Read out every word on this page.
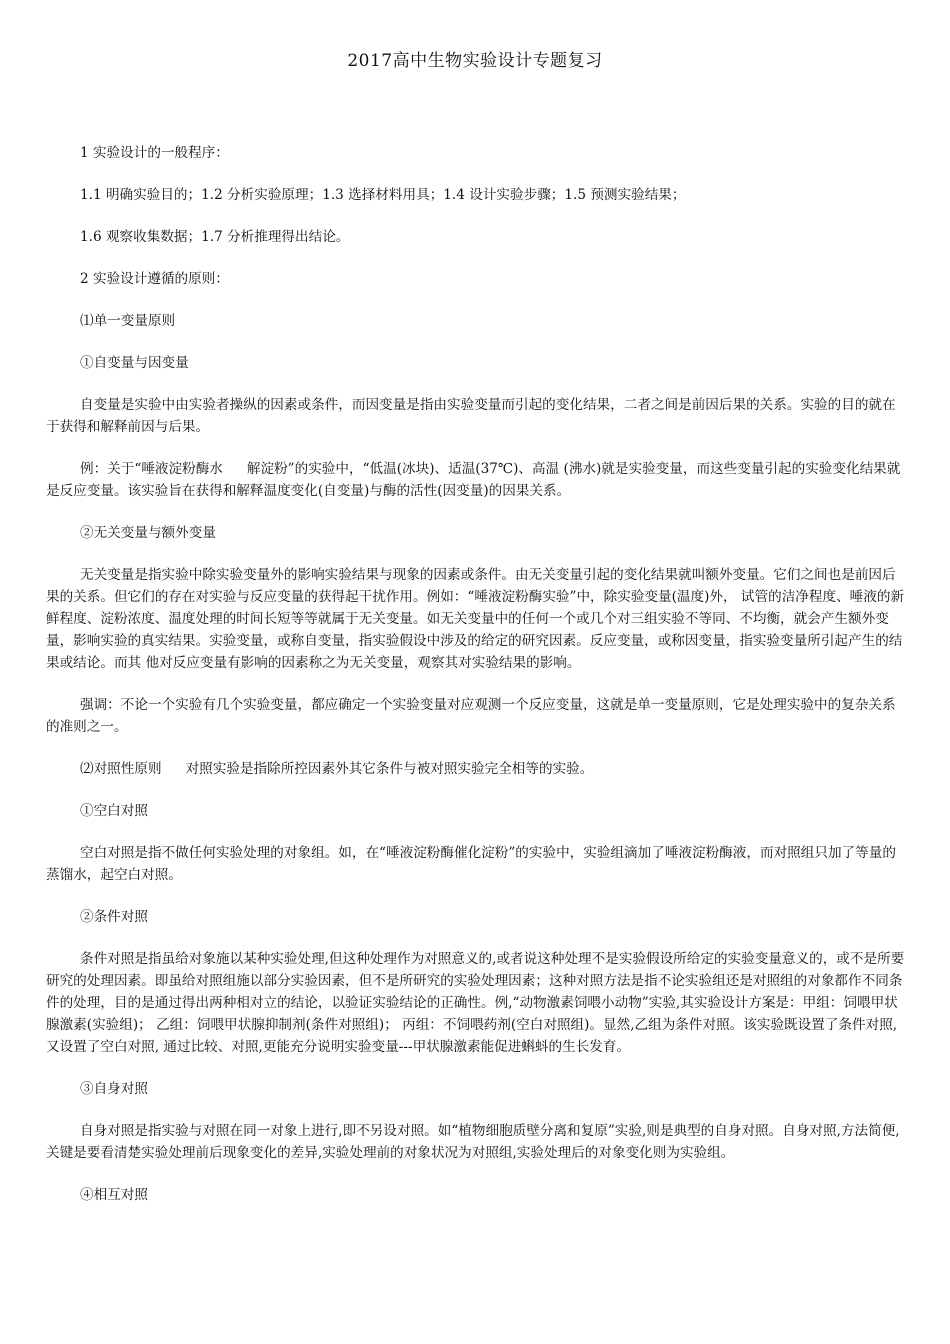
2017高中生物实验设计专题复习

1 实验设计的一般程序：

1.1 明确实验目的；1.2 分析实验原理；1.3 选择材料用具；1.4 设计实验步骤；1.5 预测实验结果；

1.6 观察收集数据；1.7 分析推理得出结论。

2 实验设计遵循的原则：

⑴单一变量原则

①自变量与因变量

自变量是实验中由实验者操纵的因素或条件，而因变量是指由实验变量而引起的变化结果，二者之间是前因后果的关系。实验的目的就在于获得和解释前因与后果。

例：关于“唾液淀粉酶水 解淀粉”的实验中，“低温(冰块)、适温(37℃)、高温 (沸水)就是实验变量，而这些变量引起的实验变化结果就是反应变量。该实验旨在获得和解释温度变化(自变量)与酶的活性(因变量)的因果关系。

②无关变量与额外变量

无关变量是指实验中除实验变量外的影响实验结果与现象的因素或条件。由无关变量引起的变化结果就叫额外变量。它们之间也是前因后果的关系。但它们的存在对实验与反应变量的获得起干扰作用。例如：“唾液淀粉酶实验”中，除实验变量(温度)外， 试管的洁净程度、唾液的新鲜程度、淀粉浓度、温度处理的时间长短等等就属于无关变量。如无关变量中的任何一个或几个对三组实验不等同、不均衡，就会产生额外变量，影响实验的真实结果。实验变量，或称自变量，指实验假设中涉及的给定的研究因素。反应变量，或称因变量，指实验变量所引起产生的结果或结论。而其 他对反应变量有影响的因素称之为无关变量，观察其对实验结果的影响。

强调：不论一个实验有几个实验变量，都应确定一个实验变量对应观测一个反应变量，这就是单一变量原则，它是处理实验中的复杂关系的准则之一。

⑵对照性原则 对照实验是指除所控因素外其它条件与被对照实验完全相等的实验。

①空白对照

空白对照是指不做任何实验处理的对象组。如，在“唾液淀粉酶催化淀粉”的实验中，实验组滴加了唾液淀粉酶液，而对照组只加了等量的蒸馏水，起空白对照。

②条件对照

条件对照是指虽给对象施以某种实验处理,但这种处理作为对照意义的,或者说这种处理不是实验假设所给定的实验变量意义的，或不是所要研究的处理因素。即虽给对照组施以部分实验因素，但不是所研究的实验处理因素；这种对照方法是指不论实验组还是对照组的对象都作不同条件的处理，目的是通过得出两种相对立的结论，以验证实验结论的正确性。例,“动物激素饲喂小动物”实验,其实验设计方案是：甲组：饲喂甲状腺激素(实验组)； 乙组：饲喂甲状腺抑制剂(条件对照组)； 丙组：不饲喂药剂(空白对照组)。显然,乙组为条件对照。该实验既设置了条件对照,又设置了空白对照, 通过比较、对照,更能充分说明实验变量---甲状腺激素能促进蝌蚪的生长发育。

③自身对照

自身对照是指实验与对照在同一对象上进行,即不另设对照。如“植物细胞质壁分离和复原”实验,则是典型的自身对照。自身对照,方法简便,关键是要看清楚实验处理前后现象变化的差异,实验处理前的对象状况为对照组,实验处理后的对象变化则为实验组。

④相互对照
